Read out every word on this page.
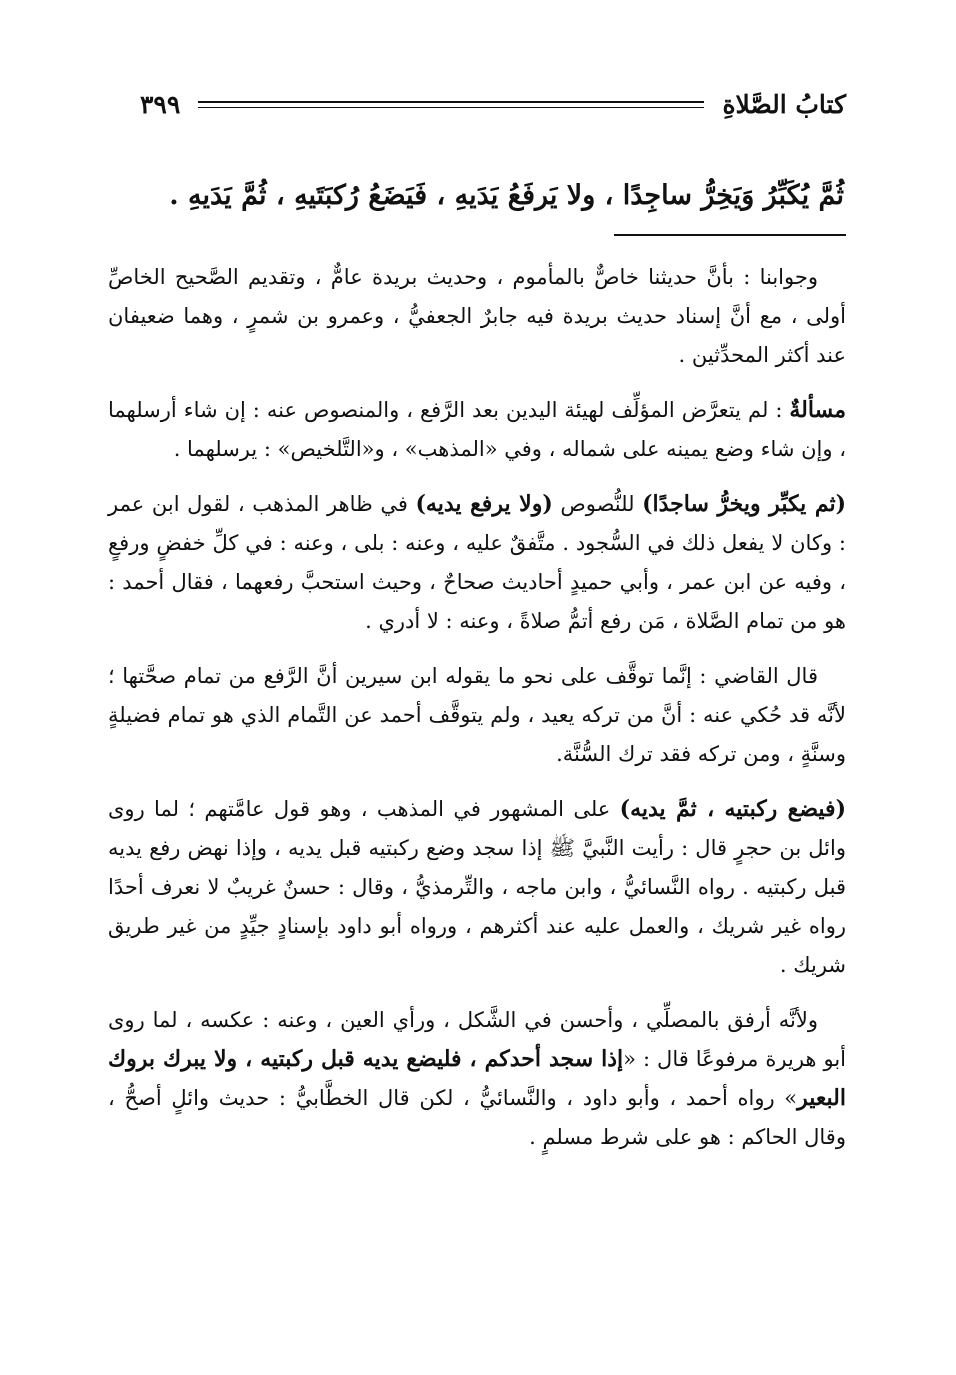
كتابُ الصَّلاةِ
٣٩٩
ثُمَّ يُكَبِّرُ وَيَخِرُّ ساجِدًا ، ولا يَرفَعُ يَدَيهِ ، فَيَضَعُ رُكبَتَيهِ ، ثُمَّ يَدَيهِ .

وجوابنا : بأنَّ حديثنا خاصٌّ بالمأموم ، وحديث بريدة عامٌّ ، وتقديم الصَّحيح الخاصِّ أولى ، مع أنَّ إسناد حديث بريدة فيه جابرٌ الجعفيُّ ، وعمرو بن شمرٍ ، وهما ضعيفان عند أكثر المحدِّثين .

مسألةٌ : لم يتعرَّض المؤلِّف لهيئة اليدين بعد الرَّفع ، والمنصوص عنه : إن شاء أرسلهما ، وإن شاء وضع يمينه على شماله ، وفي «المذهب» ، و«التَّلخيص» : يرسلهما .

(ثم يكبِّر ويخرُّ ساجدًا) للنُّصوص (ولا يرفع يديه) في ظاهر المذهب ، لقول ابن عمر : وكان لا يفعل ذلك في السُّجود . متَّفقٌ عليه ، وعنه : بلى ، وعنه : في كلِّ خفضٍ ورفعٍ ، وفيه عن ابن عمر ، وأبي حميدٍ أحاديث صحاحٌ ، وحيث استحبَّ رفعهما ، فقال أحمد : هو من تمام الصَّلاة ، مَن رفع أتمُّ صلاةً ، وعنه : لا أدري .

قال القاضي : إنَّما توقَّف على نحو ما يقوله ابن سيرين أنَّ الرَّفع من تمام صحَّتها ؛ لأنَّه قد حُكي عنه : أنَّ من تركه يعيد ، ولم يتوقَّف أحمد عن التَّمام الذي هو تمام فضيلةٍ وسنَّةٍ ، ومن تركه فقد ترك السُّنَّة.

(فيضع ركبتيه ، ثمَّ يديه) على المشهور في المذهب ، وهو قول عامَّتهم ؛ لما روى وائل بن حجرٍ قال : رأيت النَّبيَّ ﷺ إذا سجد وضع ركبتيه قبل يديه ، وإذا نهض رفع يديه قبل ركبتيه . رواه النَّسائيُّ ، وابن ماجه ، والتِّرمذيُّ ، وقال : حسنٌ غريبٌ لا نعرف أحدًا رواه غير شريك ، والعمل عليه عند أكثرهم ، ورواه أبو داود بإسنادٍ جيِّدٍ من غير طريق شريك .

ولأنَّه أرفق بالمصلِّي ، وأحسن في الشَّكل ، ورأي العين ، وعنه : عكسه ، لما روى أبو هريرة مرفوعًا قال : «إذا سجد أحدكم ، فليضع يديه قبل ركبتيه ، ولا يبرك بروك البعير» رواه أحمد ، وأبو داود ، والنَّسائيُّ ، لكن قال الخطَّابيُّ : حديث وائلٍ أصحُّ ، وقال الحاكم : هو على شرط مسلمٍ .
